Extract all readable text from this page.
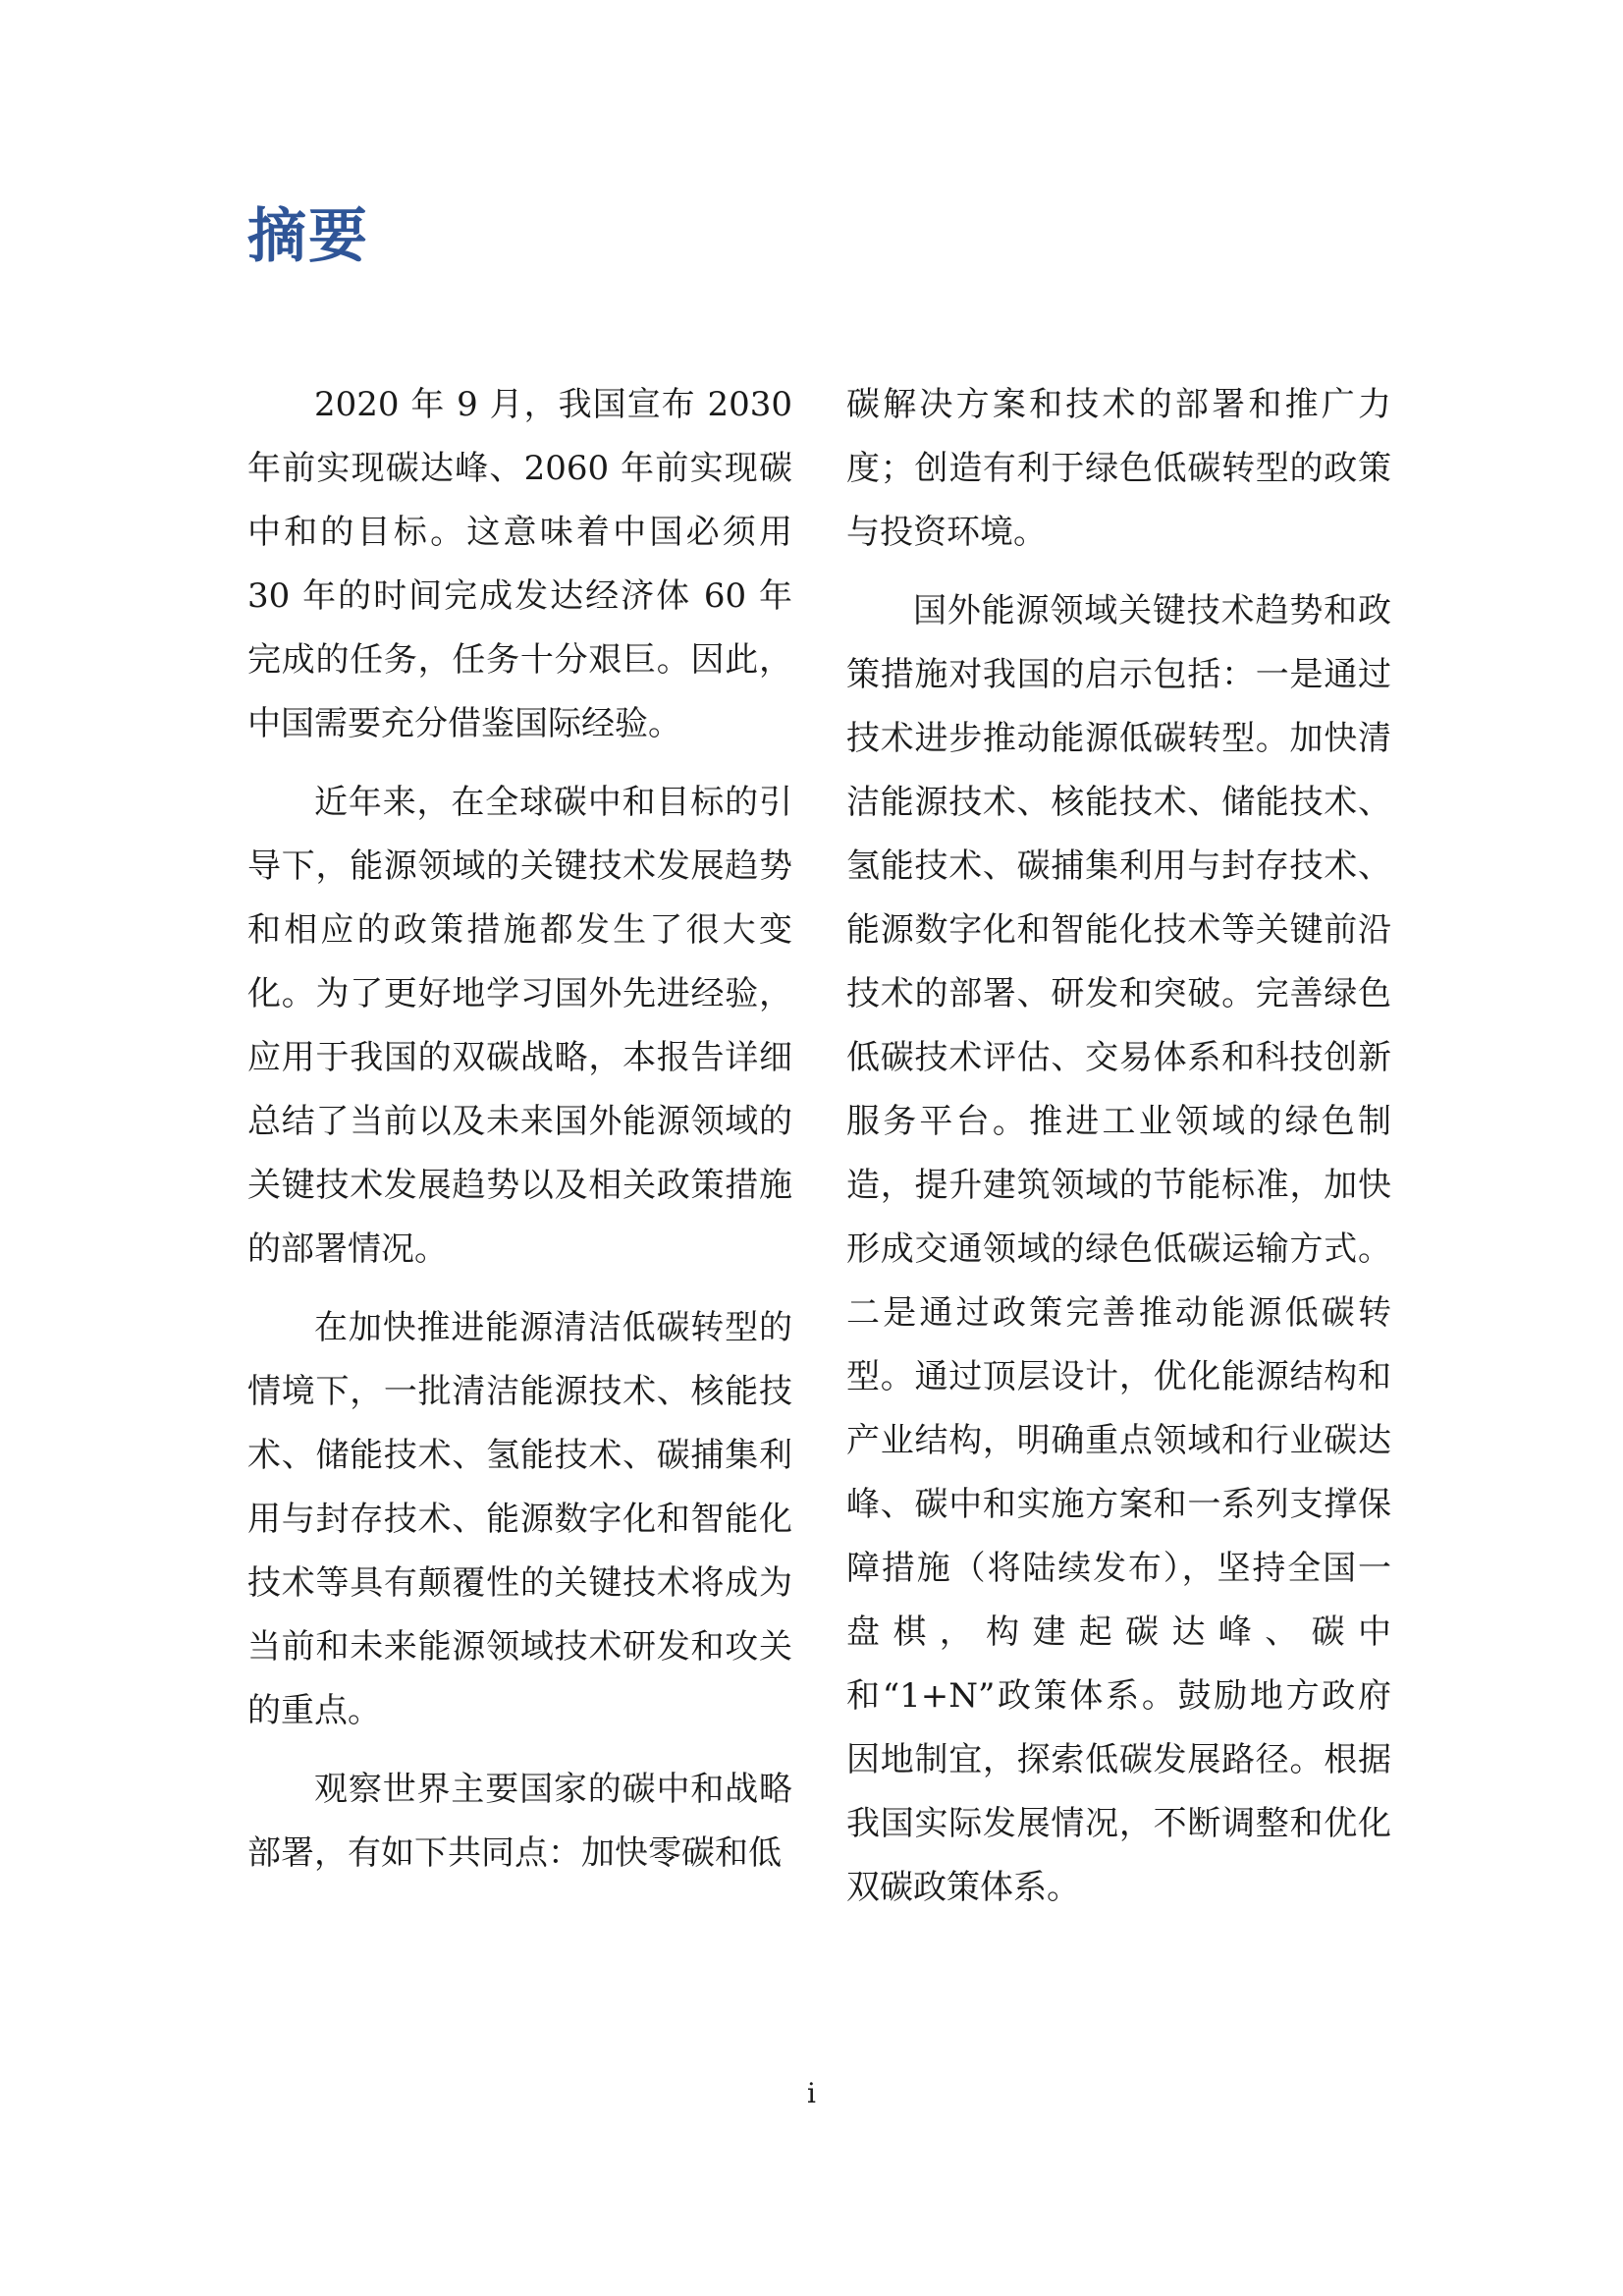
摘要

2020 年 9 月，我国宣布 2030 年前实现碳达峰、2060 年前实现碳中和的目标。这意味着中国必须用 30 年的时间完成发达经济体 60 年完成的任务，任务十分艰巨。因此，中国需要充分借鉴国际经验。

近年来，在全球碳中和目标的引导下，能源领域的关键技术发展趋势和相应的政策措施都发生了很大变化。为了更好地学习国外先进经验，应用于我国的双碳战略，本报告详细总结了当前以及未来国外能源领域的关键技术发展趋势以及相关政策措施的部署情况。

在加快推进能源清洁低碳转型的情境下，一批清洁能源技术、核能技术、储能技术、氢能技术、碳捕集利用与封存技术、能源数字化和智能化技术等具有颠覆性的关键技术将成为当前和未来能源领域技术研发和攻关的重点。

观察世界主要国家的碳中和战略部署，有如下共同点：加快零碳和低

碳解决方案和技术的部署和推广力度；创造有利于绿色低碳转型的政策与投资环境。

国外能源领域关键技术趋势和政策措施对我国的启示包括：一是通过技术进步推动能源低碳转型。加快清洁能源技术、核能技术、储能技术、氢能技术、碳捕集利用与封存技术、能源数字化和智能化技术等关键前沿技术的部署、研发和突破。完善绿色低碳技术评估、交易体系和科技创新服务平台。推进工业领域的绿色制造，提升建筑领域的节能标准，加快形成交通领域的绿色低碳运输方式。二是通过政策完善推动能源低碳转型。通过顶层设计，优化能源结构和产业结构，明确重点领域和行业碳达峰、碳中和实施方案和一系列支撑保障措施（将陆续发布），坚持全国一盘棋，构建起碳达峰、碳中和“1+N”政策体系。鼓励地方政府因地制宜，探索低碳发展路径。根据我国实际发展情况，不断调整和优化双碳政策体系。

i
